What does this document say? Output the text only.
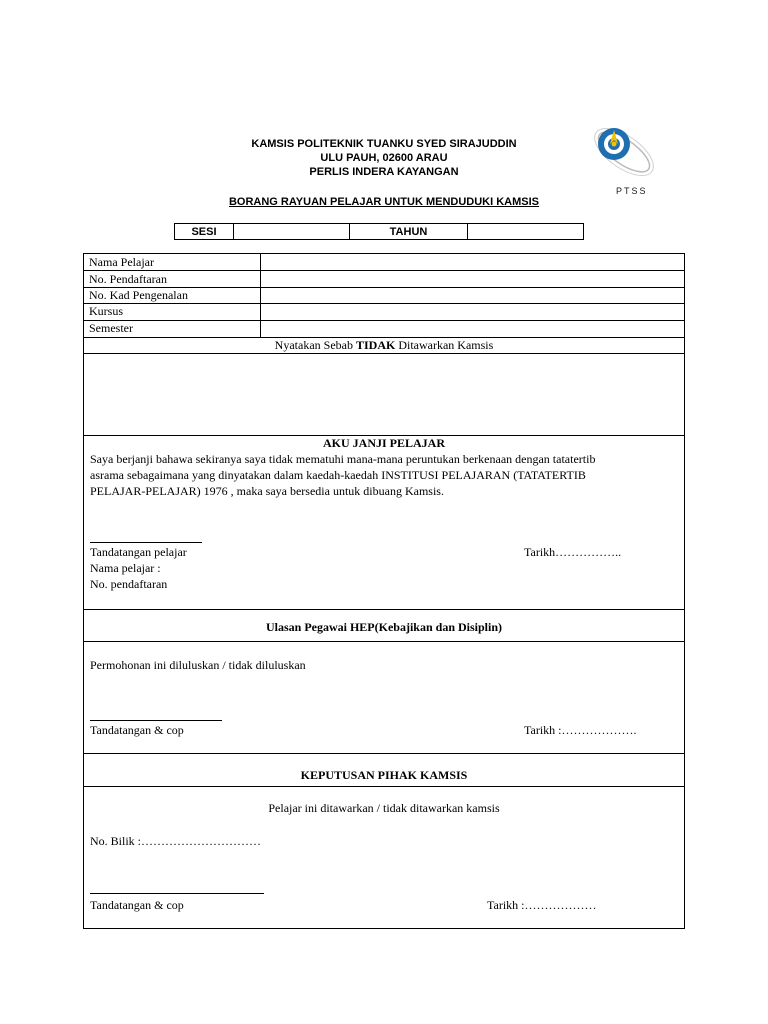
PTSS
KAMSIS POLITEKNIK TUANKU SYED SIRAJUDDIN
ULU PAUH, 02600 ARAU
PERLIS INDERA KAYANGAN
BORANG RAYUAN PELAJAR UNTUK MENDUDUKI KAMSIS
SESI		TAHUN	
Nama Pelajar
No. Pendaftaran
No. Kad Pengenalan
Kursus
Semester
Nyatakan Sebab TIDAK Ditawarkan Kamsis
AKU JANJI PELAJAR
Saya berjanji bahawa sekiranya saya tidak mematuhi mana-mana peruntukan berkenaan dengan tatatertib
asrama sebagaimana yang dinyatakan dalam kaedah-kaedah INSTITUSI PELAJARAN (TATATERTIB
PELAJAR-PELAJAR) 1976 , maka saya bersedia untuk dibuang Kamsis.
Tandatangan pelajar	Tarikh……………..
Nama pelajar :
No. pendaftaran
Ulasan Pegawai HEP(Kebajikan dan Disiplin)
Permohonan ini diluluskan / tidak diluluskan
Tandatangan & cop	Tarikh :……………….
KEPUTUSAN PIHAK KAMSIS
Pelajar ini ditawarkan / tidak ditawarkan kamsis
No. Bilik :…………………………
Tandatangan & cop	Tarikh :………………
